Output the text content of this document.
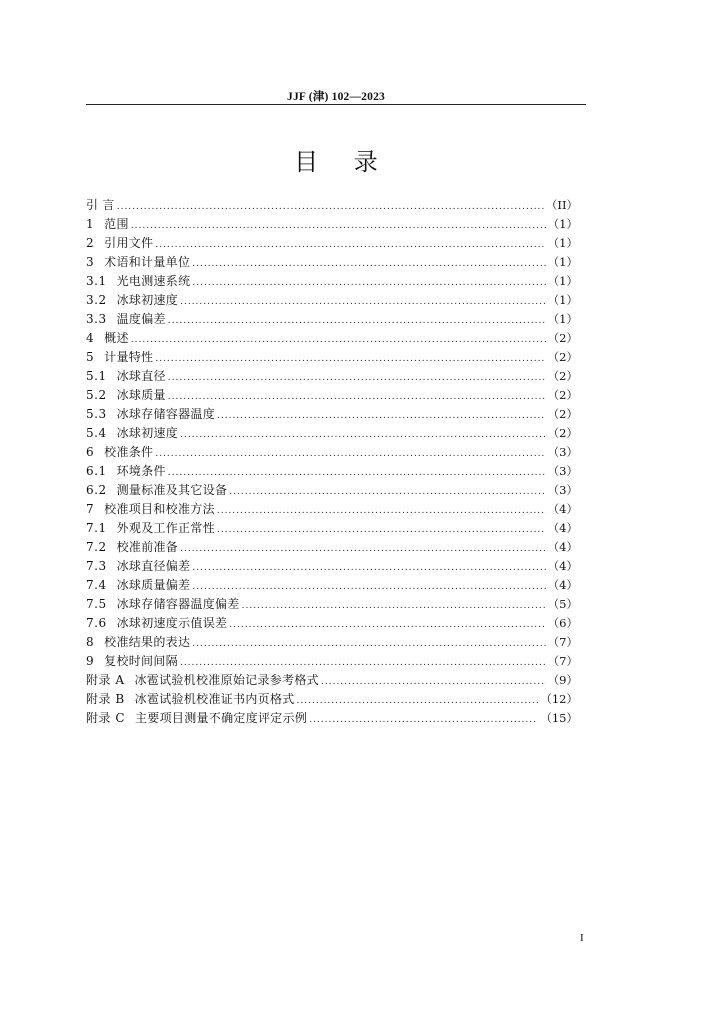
JJF (津) 102—2023
目 录
引 言 .....	（II）
1 范围 .....	（1）
2 引用文件 .....	（1）
3 术语和计量单位 .....	（1）
3.1 光电测速系统 .....	（1）
3.2 冰球初速度 .....	（1）
3.3 温度偏差 .....	（1）
4 概述 .....	（2）
5 计量特性 .....	（2）
5.1 冰球直径 .....	（2）
5.2 冰球质量 .....	（2）
5.3 冰球存储容器温度 .....	（2）
5.4 冰球初速度 .....	（2）
6 校准条件 .....	（3）
6.1 环境条件 .....	（3）
6.2 测量标准及其它设备 .....	（3）
7 校准项目和校准方法 .....	（4）
7.1 外观及工作正常性 .....	（4）
7.2 校准前准备 .....	（4）
7.3 冰球直径偏差 .....	（4）
7.4 冰球质量偏差 .....	（4）
7.5 冰球存储容器温度偏差 .....	（5）
7.6 冰球初速度示值误差 .....	（6）
8 校准结果的表达 .....	（7）
9 复校时间间隔 .....	（7）
附录 A 冰雹试验机校准原始记录参考格式 .....	（9）
附录 B 冰雹试验机校准证书内页格式 .....	（12）
附录 C 主要项目测量不确定度评定示例 .....	（15）
I
